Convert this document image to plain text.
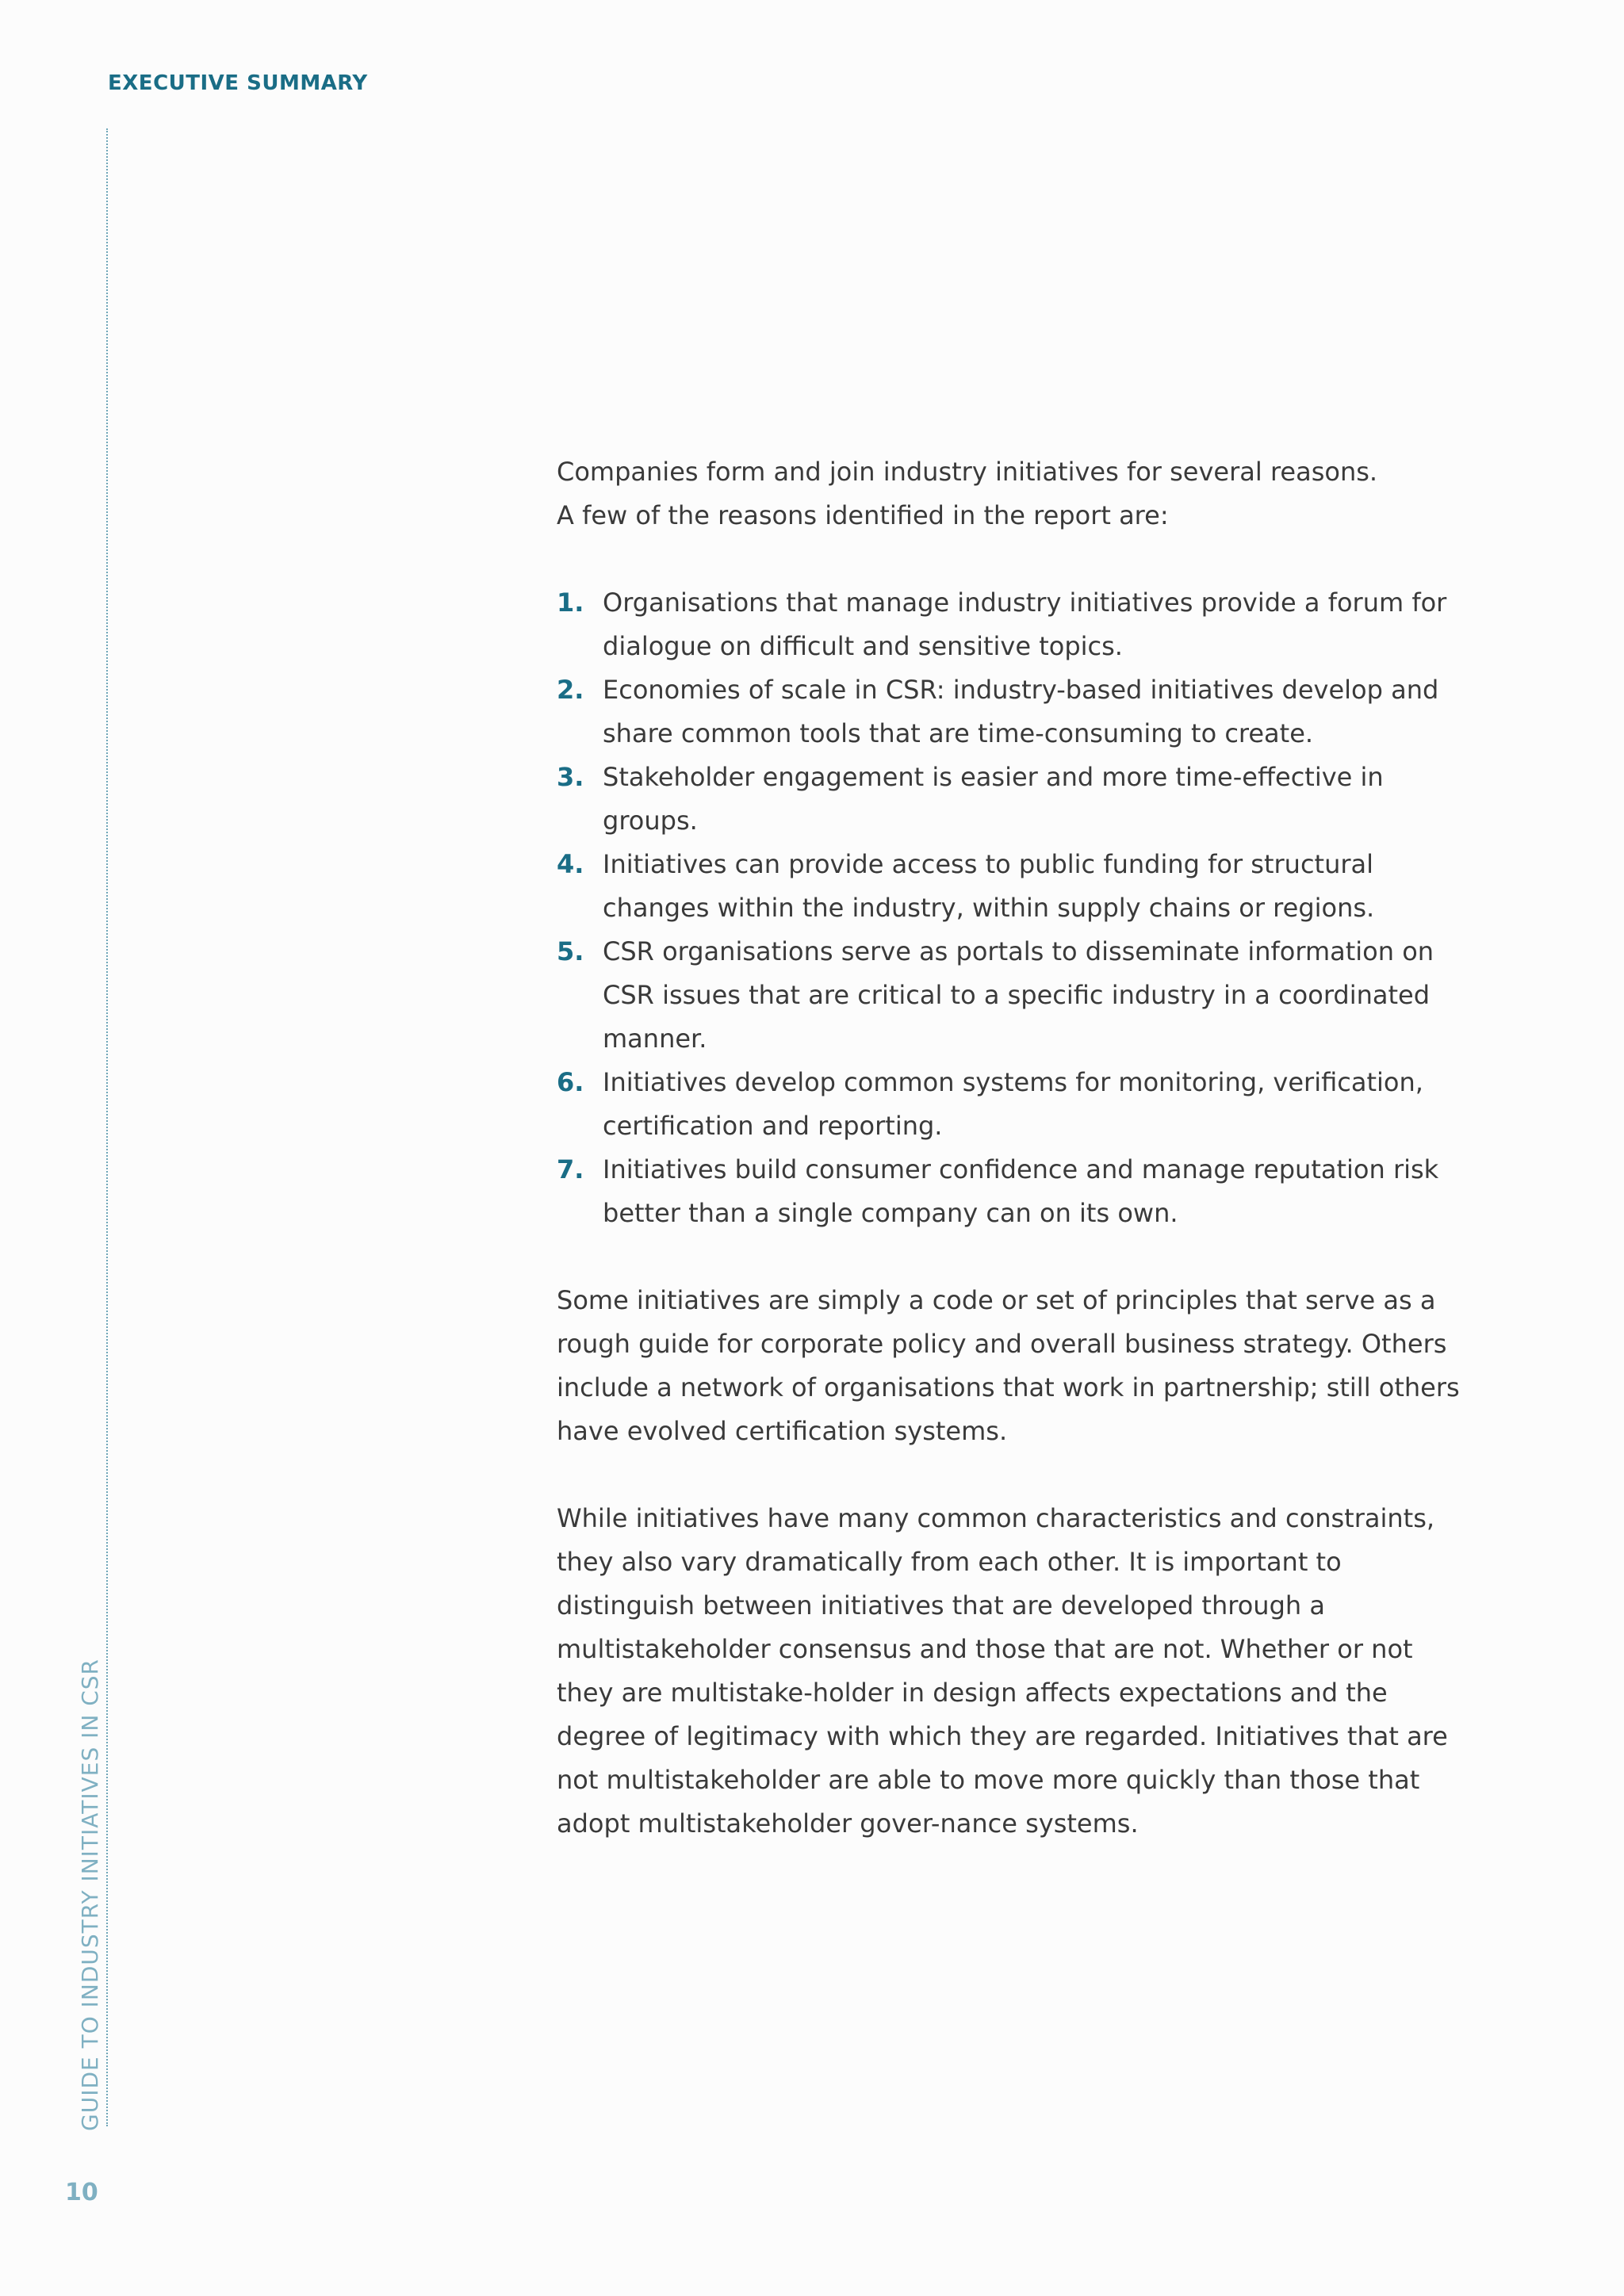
EXECUTIVE SUMMARY
GUIDE TO INDUSTRY INITIATIVES IN CSR
10

Companies form and join industry initiatives for several reasons.

A few of the reasons identified in the report are:

1. Organisations that manage industry initiatives provide a forum for dialogue on difficult and sensitive topics.
2. Economies of scale in CSR: industry-based initiatives develop and share common tools that are time-consuming to create.
3. Stakeholder engagement is easier and more time-effective in groups.
4. Initiatives can provide access to public funding for structural changes within the industry, within supply chains or regions.
5. CSR organisations serve as portals to disseminate information on CSR issues that are critical to a specific industry in a coordinated manner.
6. Initiatives develop common systems for monitoring, verification, certification and reporting.
7. Initiatives build consumer confidence and manage reputation risk better than a single company can on its own.

Some initiatives are simply a code or set of principles that serve as a rough guide for corporate policy and overall business strategy. Others include a network of organisations that work in partnership; still others have evolved certification systems.

While initiatives have many common characteristics and constraints, they also vary dramatically from each other. It is important to distinguish between initiatives that are developed through a multistakeholder consensus and those that are not. Whether or not they are multistake-holder in design affects expectations and the degree of legitimacy with which they are regarded. Initiatives that are not multistakeholder are able to move more quickly than those that adopt multistakeholder gover-nance systems.
